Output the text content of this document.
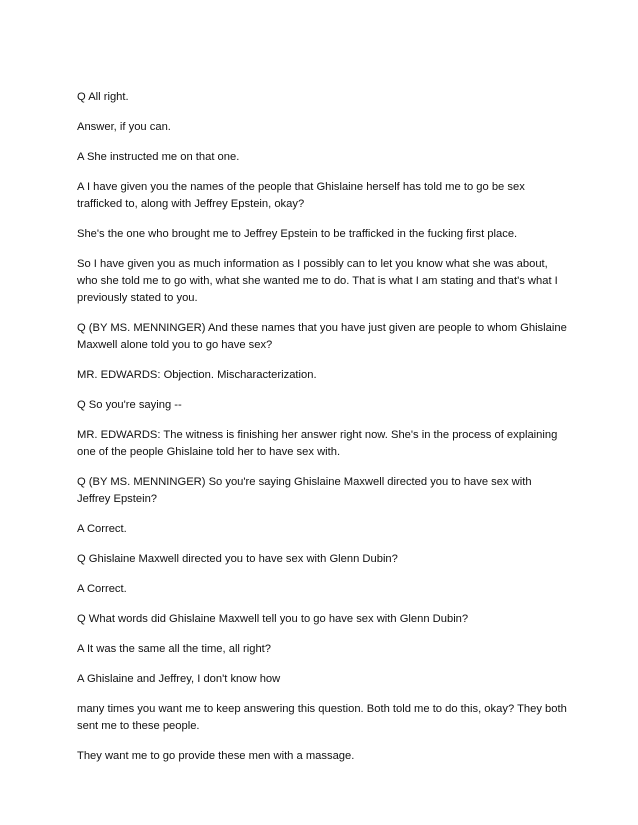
Q All right.

Answer, if you can.

A She instructed me on that one.

A I have given you the names of the people that Ghislaine herself has told me to go be sex trafficked to, along with Jeffrey Epstein, okay?

She's the one who brought me to Jeffrey Epstein to be trafficked in the fucking first place.

So I have given you as much information as I possibly can to let you know what she was about, who she told me to go with, what she wanted me to do. That is what I am stating and that's what I previously stated to you.

Q (BY MS. MENNINGER) And these names that you have just given are people to whom Ghislaine Maxwell alone told you to go have sex?

MR. EDWARDS: Objection. Mischaracterization.

Q So you're saying --

MR. EDWARDS: The witness is finishing her answer right now. She's in the process of explaining one of the people Ghislaine told her to have sex with.

Q (BY MS. MENNINGER) So you're saying Ghislaine Maxwell directed you to have sex with Jeffrey Epstein?

A Correct.

Q Ghislaine Maxwell directed you to have sex with Glenn Dubin?

A Correct.

Q What words did Ghislaine Maxwell tell you to go have sex with Glenn Dubin?

A It was the same all the time, all right?

A Ghislaine and Jeffrey, I don't know how

many times you want me to keep answering this question. Both told me to do this, okay? They both sent me to these people.

They want me to go provide these men with a massage.
